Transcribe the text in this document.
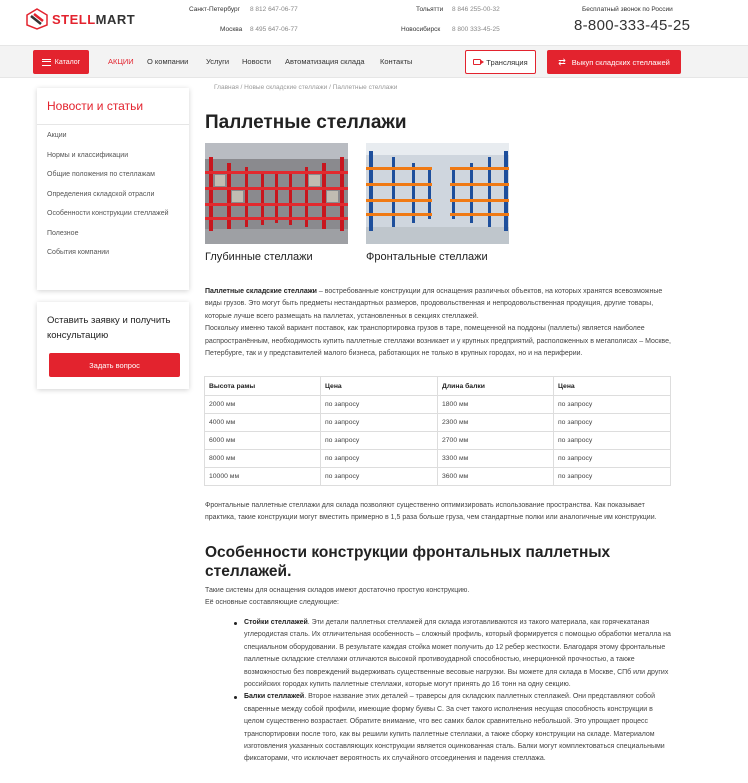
STELLMART
Санкт-Петербург 8 812 647-06-77
Москва 8 495 647-06-77
Тольятти 8 846 255-00-32
Новосибирск 8 800 333-45-25
Бесплатный звонок по России
8-800-333-45-25
Каталог	АКЦИИ О компании Услуги Новости Автоматизация склада Контакты	Трансляция	⇄ Выкуп складских стеллажей
Новости и статьи
Акции
Нормы и классификации
Общие положения по стеллажам
Определения складской отрасли
Особенности конструкции стеллажей
Полезное
События компании
Оставить заявку и получить консультацию
Задать вопрос
Главная / Новые складские стеллажи / Паллетные стеллажи
Паллетные стеллажи
Глубинные стеллажи	Фронтальные стеллажи
Паллетные складские стеллажи – востребованные конструкции для оснащения различных объектов, на которых хранятся всевозможные виды грузов. Это могут быть предметы нестандартных размеров, продовольственная и непродовольственная продукция, другие товары, которые лучше всего размещать на паллетах, установленных в секциях стеллажей.
Поскольку именно такой вариант поставок, как транспортировка грузов в таре, помещенной на поддоны (паллеты) является наиболее распространённым, необходимость купить паллетные стеллажи возникает и у крупных предприятий, расположенных в мегаполисах – Москве, Петербурге, так и у представителей малого бизнеса, работающих не только в крупных городах, но и на периферии.
Высота рамы	Цена	Длина балки	Цена
2000 мм	по запросу	1800 мм	по запросу
4000 мм	по запросу	2300 мм	по запросу
6000 мм	по запросу	2700 мм	по запросу
8000 мм	по запросу	3300 мм	по запросу
10000 мм	по запросу	3600 мм	по запросу

Фронтальные паллетные стеллажи для склада позволяют существенно оптимизировать использование пространства. Как показывает практика, такие конструкции могут вместить примерно в 1,5 раза больше груза, чем стандартные полки или аналогичные им конструкции.

Особенности конструкции фронтальных паллетных стеллажей.
Такие системы для оснащения складов имеют достаточно простую конструкцию.
Её основные составляющие следующие:
Стойки стеллажей. Эти детали паллетных стеллажей для склада изготавливаются из такого материала, как горячекатаная углеродистая сталь. Их отличительная особенность – сложный профиль, который формируется с помощью обработки металла на специальном оборудовании. В результате каждая стойка может получить до 12 ребер жесткости. Благодаря этому фронтальные паллетные складские стеллажи отличаются высокой противоударной способностью, инерционной прочностью, а также возможностью без повреждений выдерживать существенные весовые нагрузки. Вы можете для склада в Москве, СПб или других российских городах купить паллетные стеллажи, которые могут принять до 16 тонн на одну секцию.
Балки стеллажей. Второе название этих деталей – траверсы для складских паллетных стеллажей. Они представляют собой сваренные между собой профили, имеющие форму буквы С. За счет такого исполнения несущая способность конструкции в целом существенно возрастает. Обратите внимание, что вес самих балок сравнительно небольшой. Это упрощает процесс транспортировки после того, как вы решили купить паллетные стеллажи, а также сборку конструкции на складе. Материалом изготовления указанных составляющих конструкции является оцинкованная сталь. Балки могут комплектоваться специальными фиксаторами, что исключает вероятность их случайного отсоединения и падения стеллажа.
